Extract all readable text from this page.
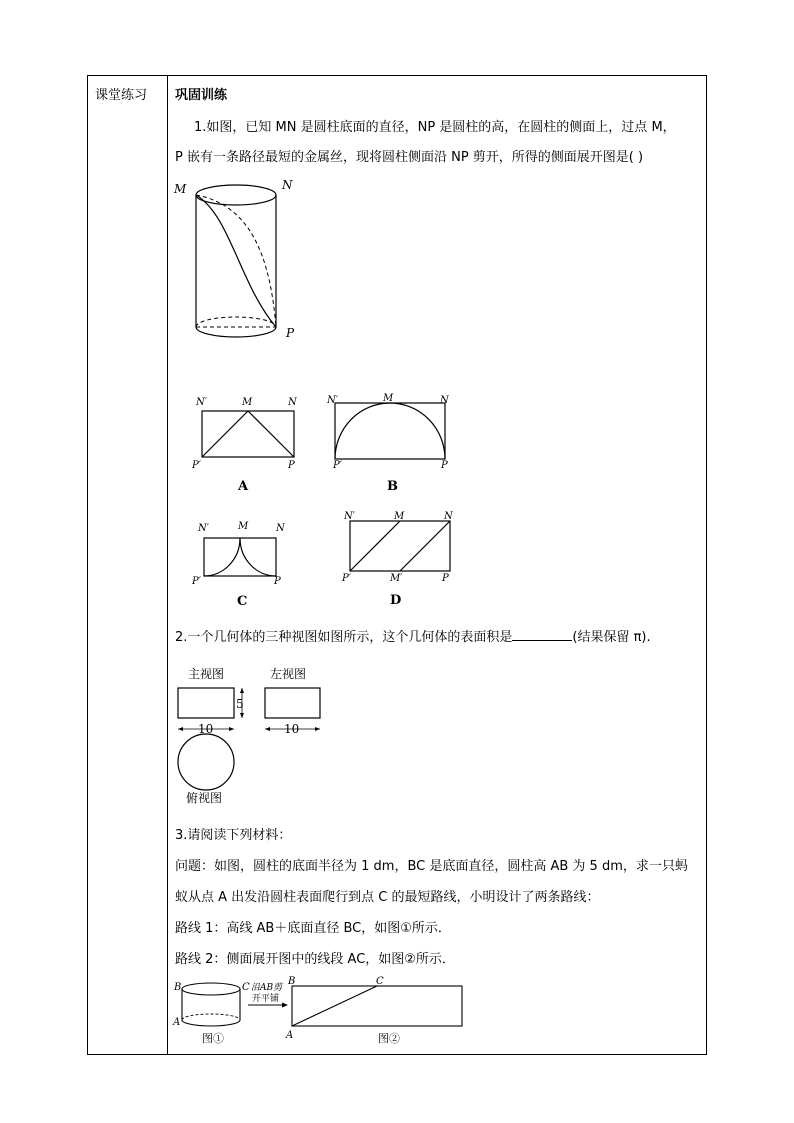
课堂练习 巩固训练
1.如图，已知 MN 是圆柱底面的直径，NP 是圆柱的高，在圆柱的侧面上，过点 M，
P 嵌有一条路径最短的金属丝，现将圆柱侧面沿 NP 剪开，所得的侧面展开图是( )
M	N
P
N′	M	N
P′	P
A
N′	M	N
P′	P
B
N′	M	N
P′	P
C
N′	M	N
P′	M′	P
D
2.一个几何体的三种视图如图所示，这个几何体的表面积是	(结果保留 π).
主视图	左视图
5
10	10
俯视图
3.请阅读下列材料：
问题：如图，圆柱的底面半径为 1 dm，BC 是底面直径，圆柱高 AB 为 5 dm，求一只蚂
蚁从点 A 出发沿圆柱表面爬行到点 C 的最短路线，小明设计了两条路线：
路线 1：高线 AB＋底面直径 BC，如图①所示．
路线 2：侧面展开图中的线段 AC，如图②所示．
B	C
A
图①
沿AB剪
开平铺
B	C
A	图②
